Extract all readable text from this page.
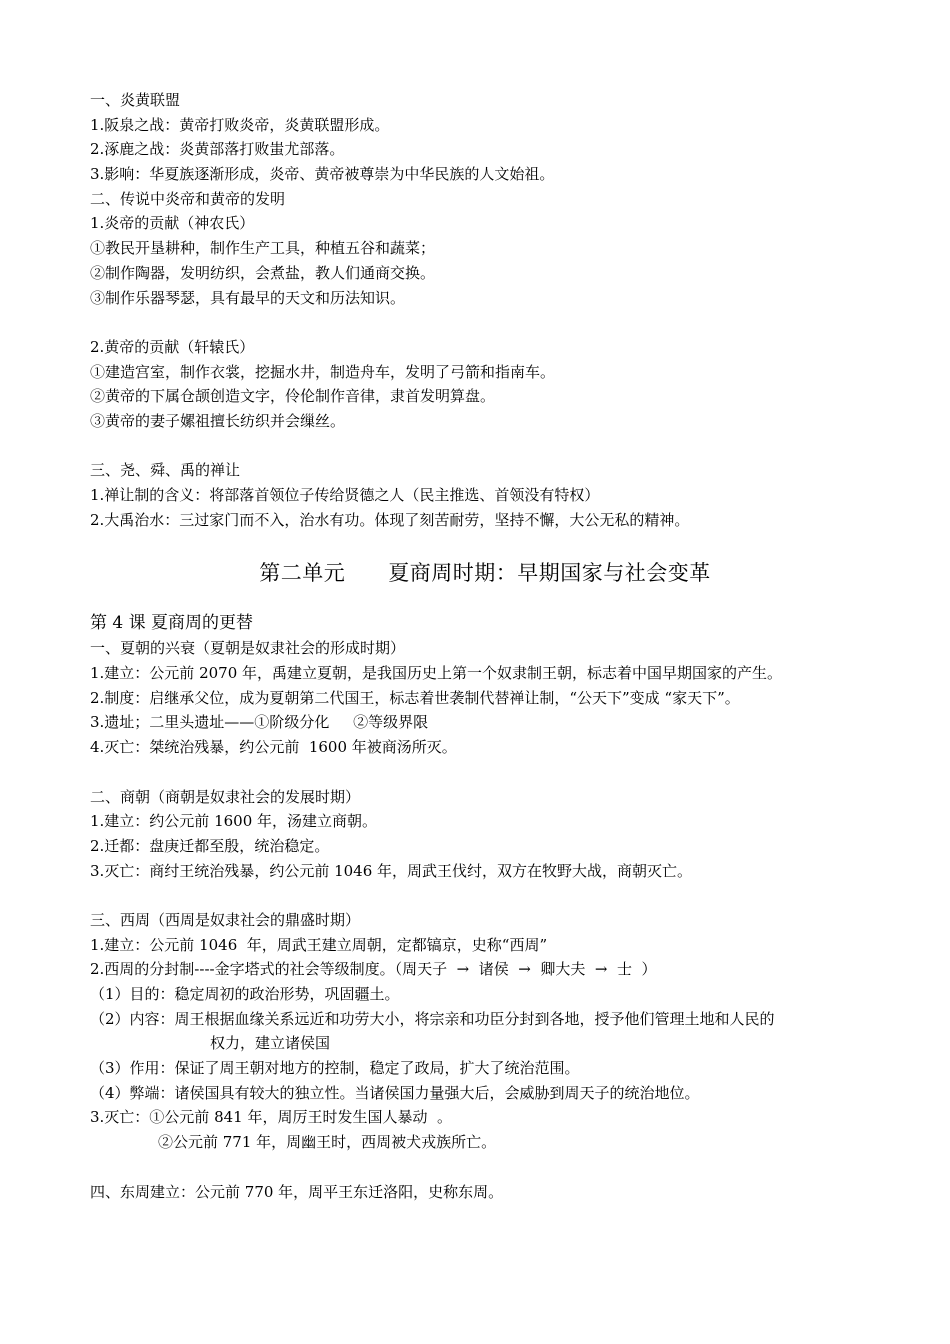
一、炎黄联盟
1.阪泉之战：黄帝打败炎帝，炎黄联盟形成。
2.涿鹿之战：炎黄部落打败蚩尤部落。
3.影响：华夏族逐渐形成，炎帝、黄帝被尊崇为中华民族的人文始祖。
二、传说中炎帝和黄帝的发明
1.炎帝的贡献（神农氏）
①教民开垦耕种，制作生产工具，种植五谷和蔬菜；
②制作陶器，发明纺织，会煮盐，教人们通商交换。
③制作乐器琴瑟，具有最早的天文和历法知识。
2.黄帝的贡献（轩辕氏）
①建造宫室，制作衣裳，挖掘水井，制造舟车，发明了弓箭和指南车。
②黄帝的下属仓颉创造文字，伶伦制作音律，隶首发明算盘。
③黄帝的妻子嫘祖擅长纺织并会缫丝。
三、尧、舜、禹的禅让
1.禅让制的含义：将部落首领位子传给贤德之人（民主推选、首领没有特权）
2.大禹治水：三过家门而不入，治水有功。体现了刻苦耐劳，坚持不懈，大公无私的精神。
第二单元      夏商周时期：早期国家与社会变革
第 4 课 夏商周的更替
一、夏朝的兴衰（夏朝是奴隶社会的形成时期）
1.建立：公元前 2070 年，禹建立夏朝，是我国历史上第一个奴隶制王朝，标志着中国早期国家的产生。
2.制度：启继承父位，成为夏朝第二代国王，标志着世袭制代替禅让制，“公天下”变成 “家天下”。
3.遗址；二里头遗址——①阶级分化     ②等级界限
4.灭亡：桀统治残暴，约公元前  1600 年被商汤所灭。
二、商朝（商朝是奴隶社会的发展时期）
1.建立：约公元前 1600 年，汤建立商朝。
2.迁都：盘庚迁都至殷，统治稳定。
3.灭亡：商纣王统治残暴，约公元前 1046 年，周武王伐纣，双方在牧野大战，商朝灭亡。
三、西周（西周是奴隶社会的鼎盛时期）
1.建立：公元前 1046  年，周武王建立周朝，定都镐京，史称“西周”
2.西周的分封制----金字塔式的社会等级制度。（周天子  →  诸侯  →  卿大夫  →  士  ）
（1）目的：稳定周初的政治形势，巩固疆土。
（2）内容：周王根据血缘关系远近和功劳大小，将宗亲和功臣分封到各地，授予他们管理土地和人民的
权力，建立诸侯国
（3）作用：保证了周王朝对地方的控制，稳定了政局，扩大了统治范围。
（4）弊端：诸侯国具有较大的独立性。当诸侯国力量强大后，会威胁到周天子的统治地位。
3.灭亡：①公元前 841 年，周厉王时发生国人暴动  。
②公元前 771 年，周幽王时，西周被犬戎族所亡。
四、东周建立：公元前 770 年，周平王东迁洛阳，史称东周。
